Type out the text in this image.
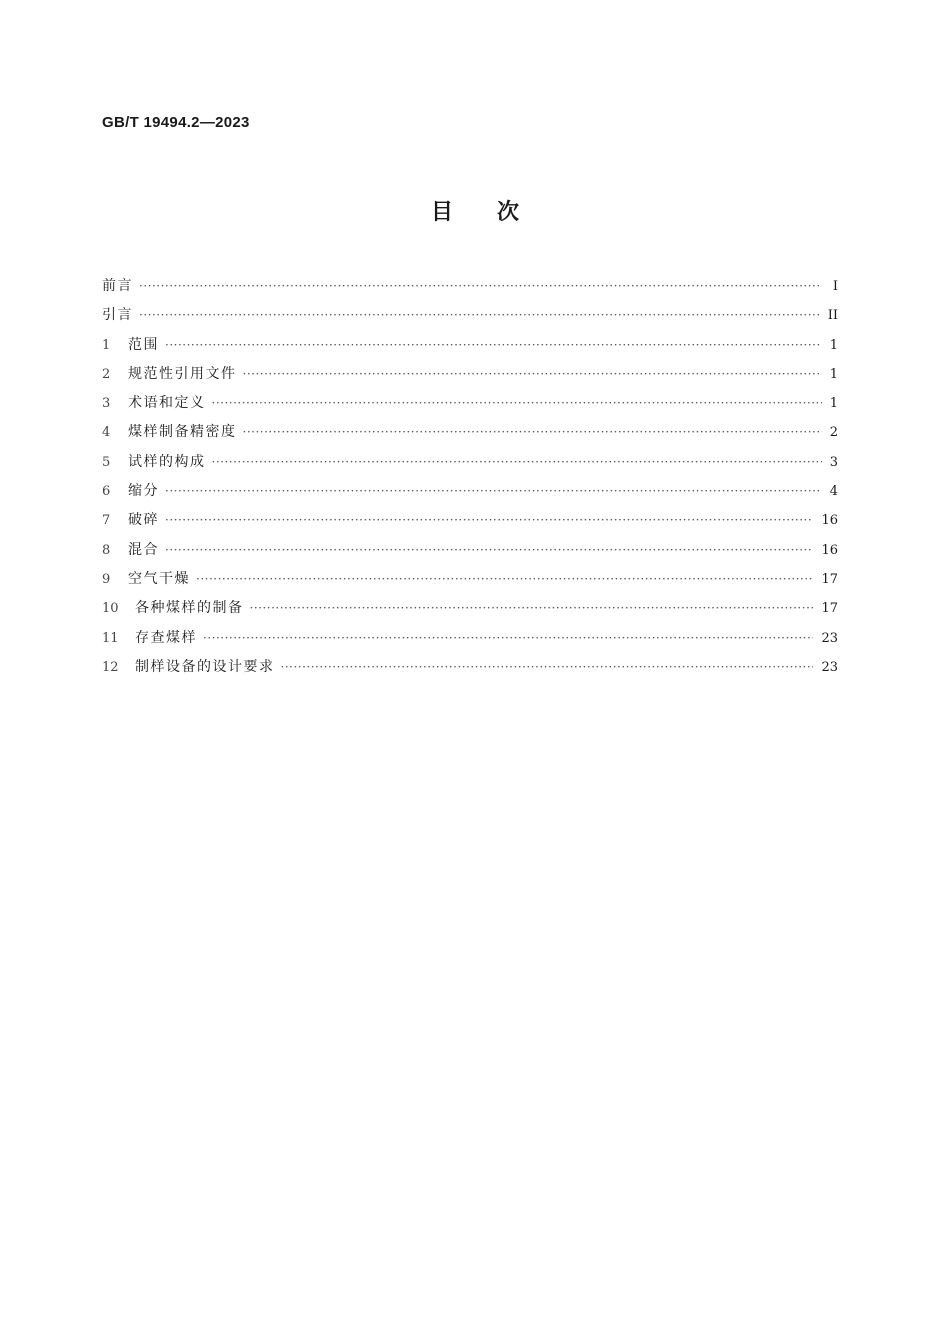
GB/T 19494.2—2023
目次
前言 ·····	I
引言 ·····	II
1	范围 ·····	1
2	规范性引用文件 ·····	1
3	术语和定义 ·····	1
4	煤样制备精密度 ·····	2
5	试样的构成 ·····	3
6	缩分 ·····	4
7	破碎 ·····	16
8	混合 ·····	16
9	空气干燥 ·····	17
10	各种煤样的制备 ·····	17
11	存查煤样 ·····	23
12	制样设备的设计要求 ·····	23
